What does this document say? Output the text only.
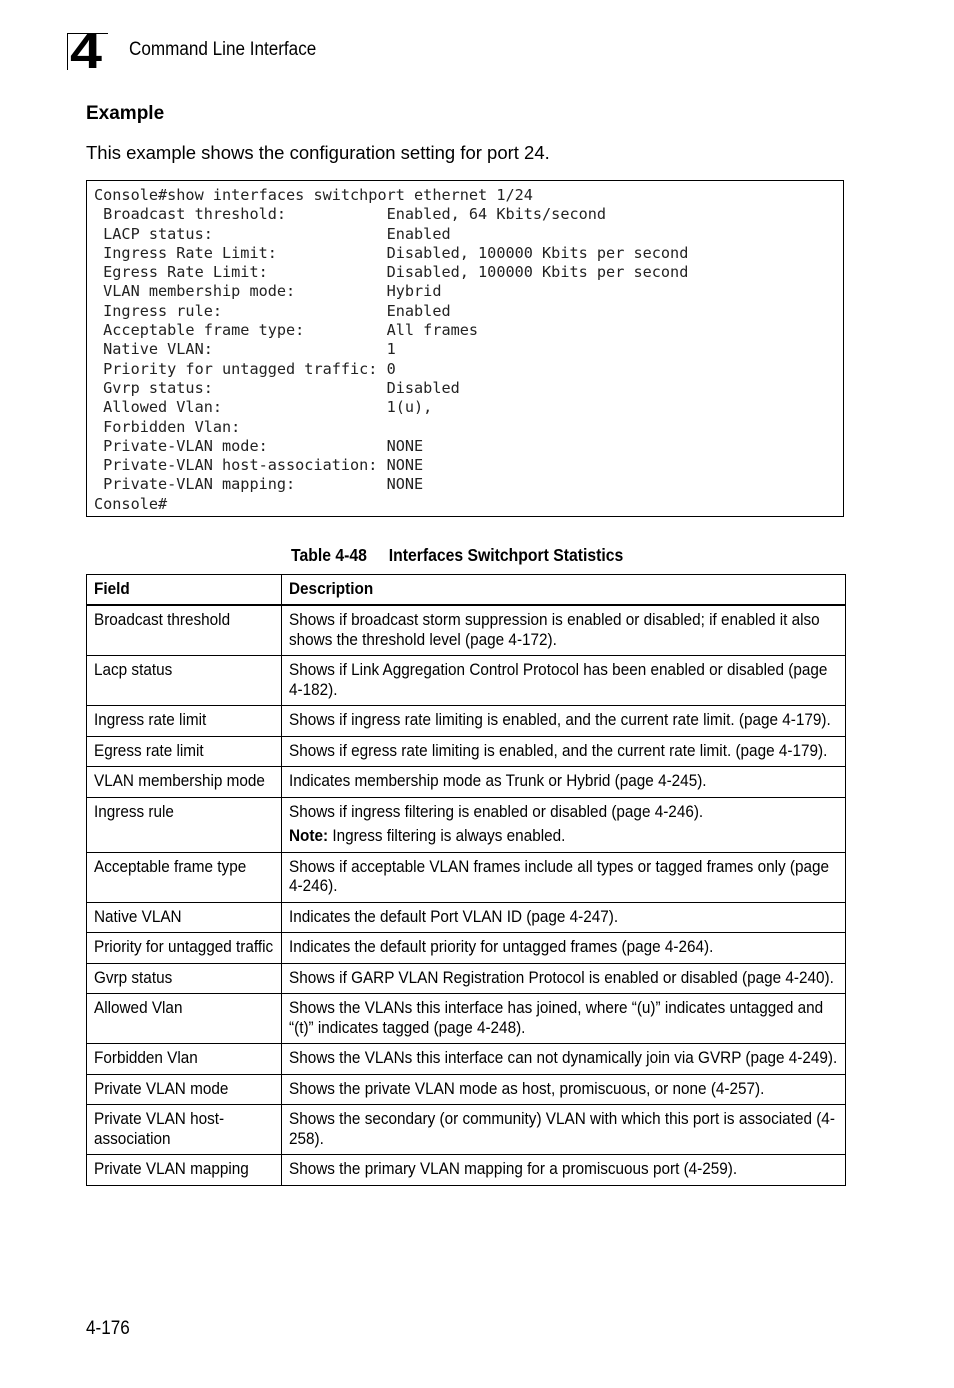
4 Command Line Interface
Example
This example shows the configuration setting for port 24.
Console#show interfaces switchport ethernet 1/24
Broadcast threshold:           Enabled, 64 Kbits/second
LACP status:                   Enabled
Ingress Rate Limit:            Disabled, 100000 Kbits per second
Egress Rate Limit:             Disabled, 100000 Kbits per second
VLAN membership mode:          Hybrid
Ingress rule:                  Enabled
Acceptable frame type:         All frames
Native VLAN:                   1
Priority for untagged traffic: 0
Gvrp status:                   Disabled
Allowed Vlan:                  1(u),
Forbidden Vlan:
Private-VLAN mode:             NONE
Private-VLAN host-association: NONE
Private-VLAN mapping:          NONE
Console#
Table 4-48     Interfaces Switchport Statistics
Field	Description

Broadcast threshold	Shows if broadcast storm suppression is enabled or disabled; if enabled it also shows the threshold level (page 4-172).

Lacp status	Shows if Link Aggregation Control Protocol has been enabled or disabled (page 4-182).

Ingress rate limit	Shows if ingress rate limiting is enabled, and the current rate limit. (page 4-179).

Egress rate limit	Shows if egress rate limiting is enabled, and the current rate limit. (page 4-179).

VLAN membership mode	Indicates membership mode as Trunk or Hybrid (page 4-245).

Ingress rule	Shows if ingress filtering is enabled or disabled (page 4-246).
Note: Ingress filtering is always enabled.

Acceptable frame type	Shows if acceptable VLAN frames include all types or tagged frames only (page 4-246).

Native VLAN	Indicates the default Port VLAN ID (page 4-247).

Priority for untagged traffic	Indicates the default priority for untagged frames (page 4-264).

Gvrp status	Shows if GARP VLAN Registration Protocol is enabled or disabled (page 4-240).

Allowed Vlan	Shows the VLANs this interface has joined, where “(u)” indicates untagged and “(t)” indicates tagged (page 4-248).

Forbidden Vlan	Shows the VLANs this interface can not dynamically join via GVRP (page 4-249).

Private VLAN mode	Shows the private VLAN mode as host, promiscuous, or none (4-257).

Private VLAN host-association	Shows the secondary (or community) VLAN with which this port is associated (4-258).

Private VLAN mapping	Shows the primary VLAN mapping for a promiscuous port (4-259).
4-176
